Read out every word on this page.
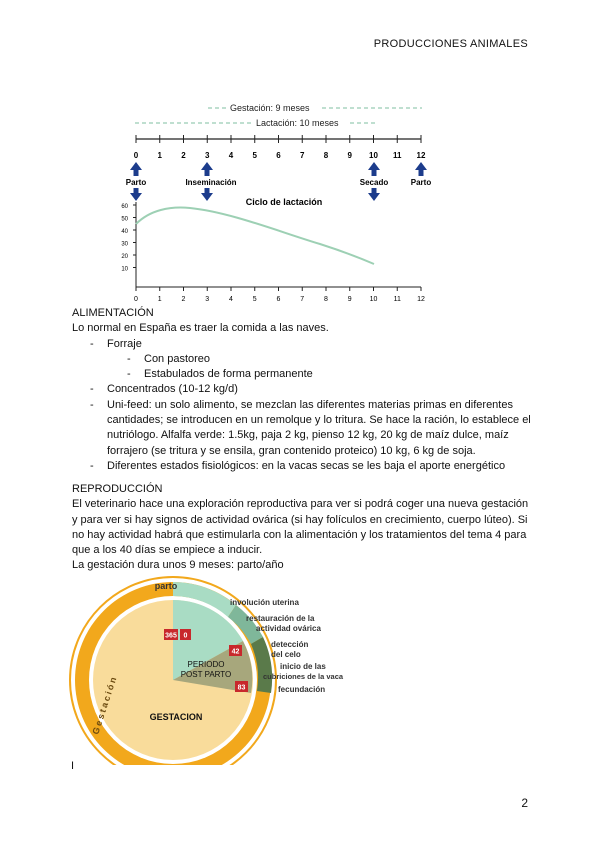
PRODUCCIONES ANIMALES
Gestación: 9 meses
Lactación: 10 meses
0 1 2 3 4 5 6 7 8 9 10 11 12
Parto	Inseminación	Secado	Parto
Ciclo de lactación
60
50
40
30
20
10
0	1	2	3	4	5	6	7	8	9	10 11 12
ALIMENTACIÓN
Lo normal en España es traer la comida a las naves.
- Forraje
- Con pastoreo
- Estabulados de forma permanente
- Concentrados (10-12 kg/d)
- Uni-feed: un solo alimento, se mezclan las diferentes materias primas en diferentes cantidades; se introducen en un remolque y lo tritura. Se hace la ración, lo establece el nutriólogo. Alfalfa verde: 1.5kg, paja 2 kg, pienso 12 kg, 20 kg de maíz dulce, maíz forrajero (se tritura y se ensila, gran contenido proteico) 10 kg, 6 kg de soja.
- Diferentes estados fisiológicos: en la vacas secas se les baja el aporte energético
REPRODUCCIÓN
El veterinario hace una exploración reproductiva para ver si podrá coger una nueva gestación y para ver si hay signos de actividad ovárica (si hay folículos en crecimiento, cuerpo lúteo). Si no hay actividad habrá que estimularla con la alimentación y los tratamientos del tema 4 para que a los 40 días se empiece a inducir.
La gestación dura unos 9 meses: parto/año
365 0
42
83
PERIODO
POST PARTO
GESTACION
Gestación
parto
involución uterina
restauración de la
actividad ovárica
detección
del celo
inicio de las
cubriciones de la vaca
fecundación
I
2
